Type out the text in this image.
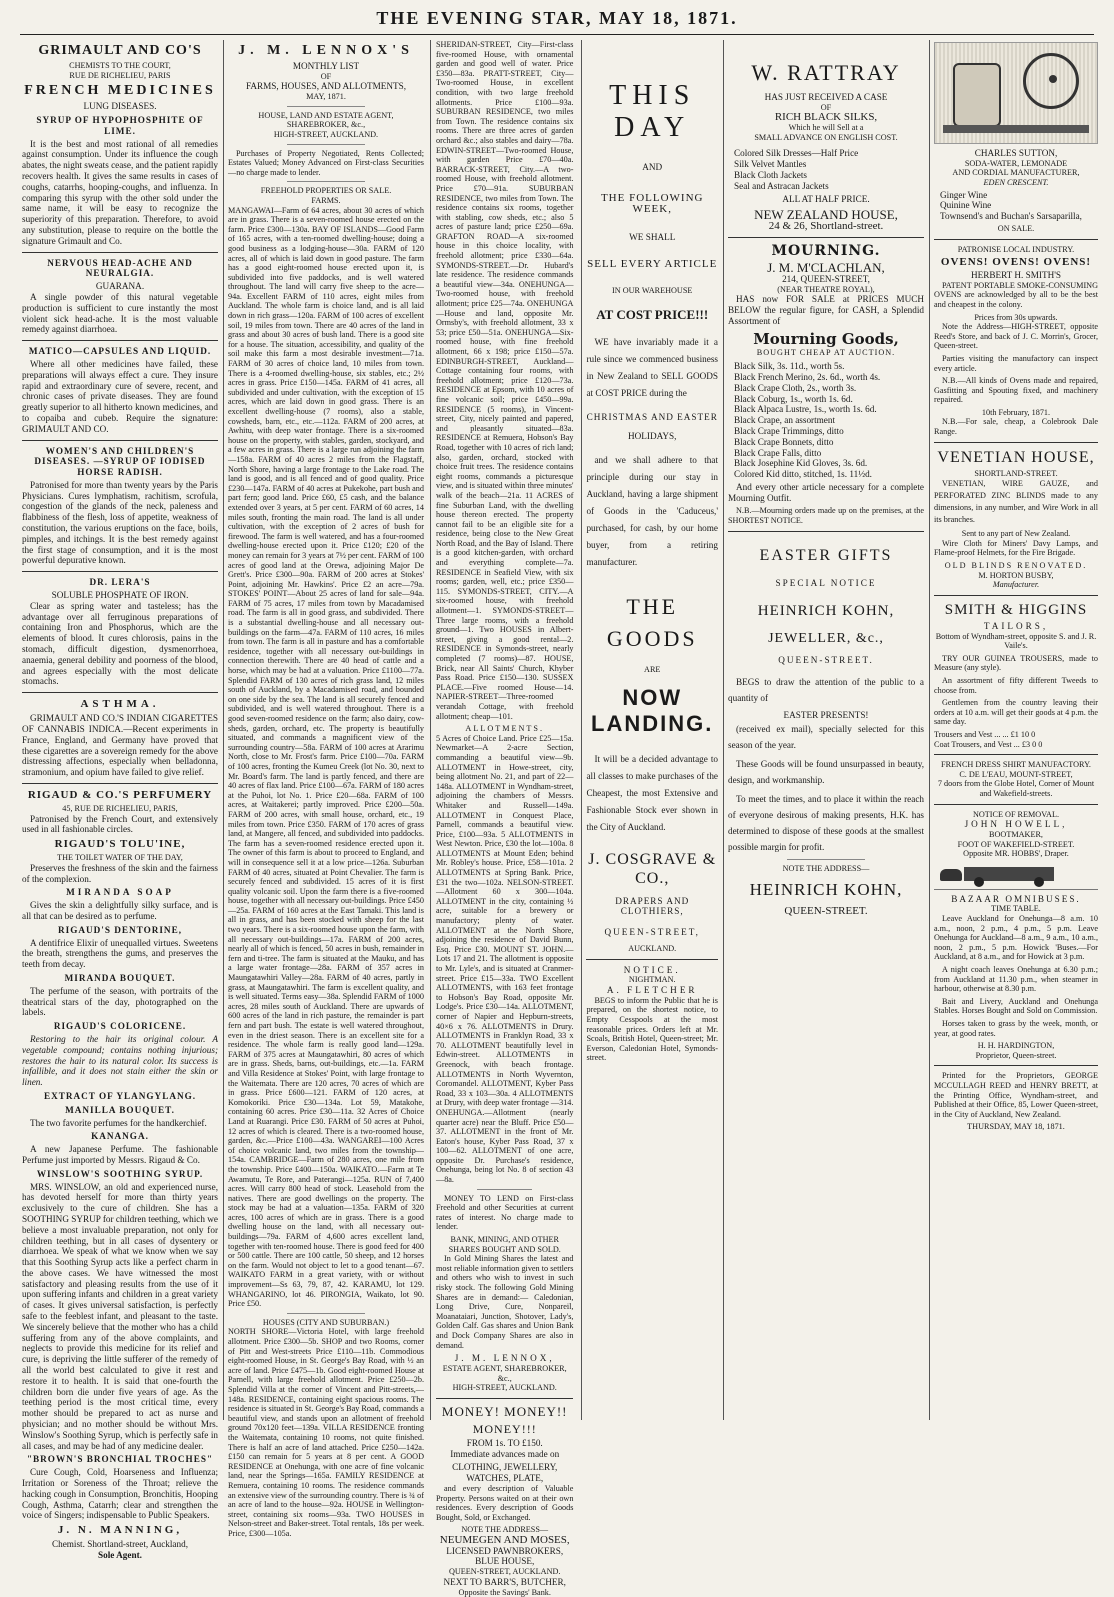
THE EVENING STAR, MAY 18, 1871.
GRIMAULT AND CO'S
CHEMISTS TO THE COURT,
RUE DE RICHELIEU, PARIS
FRENCH MEDICINES
LUNG DISEASES.
SYRUP OF HYPOPHOSPHITE OF LIME.

It is the best and most rational of all remedies against consumption. Under its influence the cough abates, the night sweats cease, and the patient rapidly recovers health. It gives the same results in cases of coughs, catarrhs, hooping-coughs, and influenza. In comparing this syrup with the other sold under the same name, it will be easy to recognize the superiority of this preparation. Therefore, to avoid any substitution, please to require on the bottle the signature Grimault and Co.

NERVOUS HEAD-ACHE AND NEURALGIA.
GUARANA.

A single powder of this natural vegetable production is sufficient to cure instantly the most violent sick head-ache. It is the most valuable remedy against diarrhoea.

MATICO—CAPSULES AND LIQUID.

Where all other medicines have failed, these preparations will always effect a cure. They insure rapid and extraordinary cure of severe, recent, and chronic cases of private diseases. They are found greatly superior to all hitherto known medicines, and to copaiba and cubeb. Require the signature: GRIMAULT AND CO.

WOMEN'S AND CHILDREN'S DISEASES. —SYRUP OF IODISED HORSE RADISH.

Patronised for more than twenty years by the Paris Physicians. Cures lymphatism, rachitism, scrofula, congestion of the glands of the neck, paleness and flabbiness of the flesh, loss of appetite, weakness of constitution, the various eruptions on the face, boils, pimples, and itchings. It is the best remedy against the first stage of consumption, and it is the most powerful depurative known.

DR. LERA'S
SOLUBLE PHOSPHATE OF IRON.

Clear as spring water and tasteless; has the advantage over all ferruginous preparations of containing Iron and Phosphorus, which are the elements of blood. It cures chlorosis, pains in the stomach, difficult digestion, dysmenorrhoea, anaemia, general debility and poorness of the blood, and agrees especially with the most delicate stomachs.

ASTHMA.

GRIMAULT AND CO.'S INDIAN CIGARETTES OF CANNABIS INDICA.—Recent experiments in France, England, and Germany have proved that these cigarettes are a sovereign remedy for the above distressing affections, especially when belladonna, stramonium, and opium have failed to give relief.

RIGAUD & CO.'S PERFUMERY
45, RUE DE RICHELIEU, PARIS,

Patronised by the French Court, and extensively used in all fashionable circles.

RIGAUD'S TOLU'INE,
THE TOILET WATER OF THE DAY,

Preserves the freshness of the skin and the fairness of the complexion.

MIRANDA SOAP

Gives the skin a delightfully silky surface, and is all that can be desired as to perfume.

RIGAUD'S DENTORINE,

A dentifrice Elixir of unequalled virtues. Sweetens the breath, strengthens the gums, and preserves the teeth from decay.

MIRANDA BOUQUET.

The perfume of the season, with portraits of the theatrical stars of the day, photographed on the labels.

RIGAUD'S COLORICENE.

Restoring to the hair its original colour. A vegetable compound; contains nothing injurious; restores the hair to its natural color. Its success is infallible, and it does not stain either the skin or linen.

EXTRACT OF YLANGYLANG.
MANILLA BOUQUET.

The two favorite perfumes for the handkerchief.

KANANGA.

A new Japanese Perfume. The fashionable Perfume just imported by Messrs. Rigaud & Co.

WINSLOW'S SOOTHING SYRUP.

MRS. WINSLOW, an old and experienced nurse, has devoted herself for more than thirty years exclusively to the cure of children. She has a SOOTHING SYRUP for children teething, which we believe a most invaluable preparation, not only for children teething, but in all cases of dysentery or diarrhoea. We speak of what we know when we say that this Soothing Syrup acts like a perfect charm in the above cases. We have witnessed the most satisfactory and pleasing results from the use of it upon suffering infants and children in a great variety of cases. It gives universal satisfaction, is perfectly safe to the feeblest infant, and pleasant to the taste. We sincerely believe that the mother who has a child suffering from any of the above complaints, and neglects to provide this medicine for its relief and cure, is depriving the little sufferer of the remedy of all the world best calculated to give it rest and restore it to health. It is said that one-fourth the children born die under five years of age. As the teething period is the most critical time, every mother should be prepared to act as nurse and physician; and no mother should be without Mrs. Winslow's Soothing Syrup, which is perfectly safe in all cases, and may be had of any medicine dealer.

"BROWN'S BRONCHIAL TROCHES"

Cure Cough, Cold, Hoarseness and Influenza; Irritation or Soreness of the Throat; relieve the hacking cough in Consumption, Bronchitis, Hooping Cough, Asthma, Catarrh; clear and strengthen the voice of Singers; indispensable to Public Speakers.

J. N. MANNING,
Chemist. Shortland-street, Auckland,
Sole Agent.
J. M. LENNOX'S
MONTHLY LIST
OF
FARMS, HOUSES, AND ALLOTMENTS,
MAY, 1871.
HOUSE, LAND AND ESTATE AGENT,
SHAREBROKER, &c.,
HIGH-STREET, AUCKLAND.

Purchases of Property Negotiated, Rents Collected; Estates Valued; Money Advanced on First-class Securities—no charge made to lender.

FREEHOLD PROPERTIES OR SALE.
FARMS.

MANGAWAI—Farm of 64 acres, about 30 acres of which are in grass. There is a seven-roomed house erected on the farm. Price £300—130a. BAY OF ISLANDS—Good Farm of 165 acres, with a ten-roomed dwelling-house; doing a good business as a lodging-house—30a. FARM of 120 acres, all of which is laid down in good pasture. The farm has a good eight-roomed house erected upon it, is subdivided into five paddocks, and is well watered throughout. The land will carry five sheep to the acre—94a. Excellent FARM of 110 acres, eight miles from Auckland. The whole farm is choice land, and is all laid down in rich grass—120a. FARM of 100 acres of excellent soil, 19 miles from town. There are 40 acres of the land in grass and about 30 acres of bush land. There is a good site for a house. The situation, accessibility, and quality of the soil make this farm a most desirable investment—71a. FARM of 30 acres of choice land, 10 miles from town. There is a 4-roomed dwelling-house, six stables, etc.; 2½ acres in grass. Price £150—145a. FARM of 41 acres, all subdivided and under cultivation, with the exception of 15 acres, which are laid down in good grass. There is an excellent dwelling-house (7 rooms), also a stable, cowsheds, barn, etc., etc.—112a. FARM of 200 acres, at Awhitu, with deep water frontage. There is a six-roomed house on the property, with stables, garden, stockyard, and a few acres in grass. There is a large run adjoining the farm—158a. FARM of 40 acres 2 miles from the Flagstaff, North Shore, having a large frontage to the Lake road. The land is good, and is all fenced and of good quality. Price £230—147a. FARM of 40 acres at Pukekohe, part bush and part fern; good land. Price £60, £5 cash, and the balance extended over 3 years, at 5 per cent. FARM of 60 acres, 14 miles south, fronting the main road. The land is all under cultivation, with the exception of 2 acres of bush for firewood. The farm is well watered, and has a four-roomed dwelling-house erected upon it. Price £120; £20 of the money can remain for 3 years at 7½ per cent. FARM of 100 acres of good land at the Orewa, adjoining Major De Grett's. Price £300—90a. FARM of 200 acres at Stokes' Point, adjoining Mr. Hawkins'. Price £2 an acre—79a. STOKES' POINT—About 25 acres of land for sale—94a. FARM of 75 acres, 17 miles from town by Macadamised road. The farm is all in good grass, and subdivided. There is a substantial dwelling-house and all necessary out-buildings on the farm—47a. FARM of 110 acres, 16 miles from town. The farm is all in pasture and has a comfortable residence, together with all necessary out-buildings in connection therewith. There are 40 head of cattle and a horse, which may be had at a valuation. Price £1100—77a. Splendid FARM of 130 acres of rich grass land, 12 miles south of Auckland, by a Macadamised road, and bounded on one side by the sea. The land is all securely fenced and subdivided, and is well watered throughout. There is a good seven-roomed residence on the farm; also dairy, cow-sheds, garden, orchard, etc. The property is beautifully situated, and commands a magnificent view of the surrounding country—58a. FARM of 100 acres at Ararimu North, close to Mr. Frost's farm. Price £100—70a. FARM of 100 acres, fronting the Kumeu Creek (lot No. 30, next to Mr. Board's farm. The land is partly fenced, and there are 40 acres of flax land. Price £100—67a. FARM of 180 acres at the Puhoi, lot No. 1. Price £20—68a. FARM of 100 acres, at Waitakerei; partly improved. Price £200—50a. FARM of 200 acres, with small house, orchard, etc., 19 miles from town. Price £350. FARM of 170 acres of grass land, at Mangere, all fenced, and subdivided into paddocks. The farm has a seven-roomed residence erected upon it. The owner of this farm is about to proceed to England, and will in consequence sell it at a low price—126a. Suburban FARM of 40 acres, situated at Point Chevalier. The farm is securely fenced and subdivided. 15 acres of it is first quality volcanic soil. Upon the farm there is a five-roomed house, together with all necessary out-buildings. Price £450—25a. FARM of 160 acres at the East Tamaki. This land is all in grass, and has been stocked with sheep for the last two years. There is a six-roomed house upon the farm, with all necessary out-buildings—17a. FARM of 200 acres, nearly all of which is fenced, 50 acres in bush, remainder in fern and ti-tree. The farm is situated at the Mauku, and has a large water frontage—28a. FARM of 357 acres in Maungatawhiri Valley—28a. FARM of 40 acres, partly in grass, at Maungatawhiri. The farm is excellent quality, and is well situated. Terms easy—38a. Splendid FARM of 1000 acres, 28 miles south of Auckland. There are upwards of 600 acres of the land in rich pasture, the remainder is part fern and part bush. The estate is well watered throughout, even in the driest season. There is an excellent site for a residence. The whole farm is really good land—129a. FARM of 375 acres at Maungatawhiri, 80 acres of which are in grass. Sheds, barns, out-buildings, etc.—1a. FARM and Villa Residence at Stokes' Point, with large frontage to the Waitemata. There are 120 acres, 70 acres of which are in grass. Price £600—121. FARM of 120 acres, at Komokoriki. Price £30—134a. Lot 59, Matakohe, containing 60 acres. Price £30—11a. 32 Acres of Choice Land at Ruarangi. Price £30. FARM of 50 acres at Puhoi, 12 acres of which is cleared. There is a two-roomed house, garden, &c.—Price £100—43a. WANGAREI—100 Acres of choice volcanic land, two miles from the township—154a. CAMBRIDGE—Farm of 280 acres, one mile from the township. Price £400—150a. WAIKATO.—Farm at Te Awamutu, Te Rore, and Paterangi—125a. RUN of 7,400 acres. Will carry 800 head of stock. Leasehold from the natives. There are good dwellings on the property. The stock may be had at a valuation—135a. FARM of 320 acres, 100 acres of which are in grass. There is a good dwelling house on the land, with all necessary out-buildings—79a. FARM of 4,600 acres excellent land, together with ten-roomed house. There is good feed for 400 or 500 cattle. There are 100 cattle, 50 sheep, and 12 horses on the farm. Would not object to let to a good tenant—67. WAIKATO FARM in a great variety, with or without improvement—Ss 63, 79, 87, 42. KARAMU, lot 129. WHANGARINO, lot 46. PIRONGIA, Waikato, lot 90. Price £50.

HOUSES (CITY AND SUBURBAN.)

NORTH SHORE—Victoria Hotel, with large freehold allotment. Price £300—5b. SHOP and two Rooms, corner of Pitt and West-streets Price £110—11b. Commodious eight-roomed House, in St. George's Bay Road, with ½ an acre of land. Price £475—1b. Good eight-roomed House at Parnell, with large freehold allotment. Price £250—2b. Splendid Villa at the corner of Vincent and Pitt-streets,—148a. RESIDENCE, containing eight spacious rooms. The residence is situated in St. George's Bay Road, commands a beautiful view, and stands upon an allotment of freehold ground 70x120 feet—139a. VILLA RESIDENCE fronting the Waitemata, containing 10 rooms, not quite finished. There is half an acre of land attached. Price £250—142a. £150 can remain for 5 years at 8 per cent. A GOOD RESIDENCE at Onehunga, with one acre of fine volcanic land, near the Springs—165a. FAMILY RESIDENCE at Remuera, containing 10 rooms. The residence commands an extensive view of the surrounding country. There is ¾ of an acre of land to the house—92a. HOUSE in Wellington-street, containing six rooms—93a. TWO HOUSES in Nelson-street and Baker-street. Total rentals, 18s per week. Price, £300—105a.

SHERIDAN-STREET, City—First-class five-roomed House, with ornamental garden and good well of water. Price £350—83a. PRATT-STREET, City—Two-roomed House, in excellent condition, with two large freehold allotments. Price £100—93a. SUBURBAN RESIDENCE, two miles from Town. The residence contains six rooms. There are three acres of garden orchard &c.; also stables and dairy—78a. EDWIN-STREET—Two-roomed House, with garden Price £70—40a. BARRACK-STREET, City.—A two-roomed House, with freehold allotment. Price £70—91a. SUBURBAN RESIDENCE, two miles from Town. The residence contains six rooms, together with stabling, cow sheds, etc.; also 5 acres of pasture land; price £250—69a. GRAFTON ROAD—A six-roomed house in this choice locality, with freehold allotment; price £330—64a. SYMONDS-STREET.—Dr. Hubard's late residence. The residence commands a beautiful view—34a. ONEHUNGA—Two-roomed house, with freehold allotment; price £25—74a. ONEHUNGA—House and land, opposite Mr. Ormsby's, with freehold allotment, 33 x 53; price £50—51a. ONEHUNGA—Six-roomed house, with fine freehold allotment, 66 x 198; price £150—57a. EDINBURGH-STREET, Auckland—Cottage containing four rooms, with freehold allotment; price £120—73a. RESIDENCE at Epsom, with 10 acres of fine volcanic soil; price £450—99a. RESIDENCE (5 rooms), in Vincent-street, City, nicely painted and papered, and pleasantly situated—83a. RESIDENCE at Remuera, Hobson's Bay Road, together with 10 acres of rich land; also, garden, orchard, stocked with choice fruit trees. The residence contains eight rooms, commands a picturesque view, and is situated within three minutes' walk of the beach—21a. 11 ACRES of fine Suburban Land, with the dwelling house thereon erected. The property cannot fail to be an eligible site for a residence, being close to the New Great North Road, and the Bay of Island. There is a good kitchen-garden, with orchard and everything complete—7a. RESIDENCE in Seafield View, with six rooms; garden, well, etc.; price £350—115. SYMONDS-STREET, CITY.—A six-roomed house, with freehold allotment—1. SYMONDS-STREET—Three large rooms, with a freehold ground—1. Two HOUSES in Albert-street, giving a good rental—2. RESIDENCE in Symonds-street, nearly completed (7 rooms)—87. HOUSE, Brick, near All Saints' Church, Khyber Pass Road. Price £150—130. SUSSEX PLACE.—Five roomed House—14. NAPIER-STREET—Three-roomed verandah Cottage, with freehold allotment; cheap—101.

ALLOTMENTS.

5 Acres of Choice Land. Price £25—15a. Newmarket—A 2-acre Section, commanding a beautiful view—9b. ALLOTMENT in Howe-street, city, being allotment No. 21, and part of 22—148a. ALLOTMENT in Wyndham-street, adjoining the chambers of Messrs. Whitaker and Russell—149a. ALLOTMENT in Conquest Place, Parnell, commands a beautiful view. Price, £100—93a. 5 ALLOTMENTS in West Newton. Price, £30 the lot—100a. 8 ALLOTMENTS at Mount Eden; behind Mr. Robley's house. Price, £58—101a. 2 ALLOTMENTS at Spring Bank. Price, £31 the two—102a. NELSON-STREET.—Allotment 60 x 300—104a. ALLOTMENT in the city, containing ½ acre, suitable for a brewery or manufactory; plenty of water. ALLOTMENT at the North Shore, adjoining the residence of David Bunn, Esq. Price £30. MOUNT ST. JOHN.—Lots 17 and 21. The allotment is opposite to Mr. Lyle's, and is situated at Cranmer-street. Price £15—33a. TWO Excellent ALLOTMENTS, with 163 feet frontage to Hobson's Bay Road, opposite Mr. Lodge's. Price £30—14a. ALLOTMENT, corner of Napier and Hepburn-streets, 40×6 x 76. ALLOTMENTS in Drury. ALLOTMENTS in Franklyn Road, 33 x 70. ALLOTMENT beautifully level in Edwin-street. ALLOTMENTS in Greenock, with beach frontage. ALLOTMENTS in North Wyvernton, Coromandel. ALLOTMENT, Kyber Pass Road, 33 x 103—30a. 4 ALLOTMENTS at Drury, with deep water frontage —314. ONEHUNGA.—Allotment (nearly quarter acre) near the Bluff. Price £50—37. ALLOTMENT in the front of Mr. Eaton's house, Kyber Pass Road, 37 x 100—62. ALLOTMENT of one acre, opposite Dr. Purchase's residence, Onehunga, being lot No. 8 of section 43—8a.

MONEY TO LEND on First-class Freehold and other Securities at current rates of interest. No charge made to lender.

BANK, MINING, AND OTHER SHARES BOUGHT AND SOLD.

In Gold Mining Shares the latest and most reliable information given to settlers and others who wish to invest in such risky stock. The following Gold Mining Shares are in demand:— Caledonian, Long Drive, Cure, Nonpareil, Moanataiari, Junction, Shotover, Lady's, Golden Calf. Gas shares and Union Bank and Dock Company Shares are also in demand.

J. M. LENNOX,
ESTATE AGENT, SHAREBROKER, &c.,
HIGH-STREET, AUCKLAND.
MONEY! MONEY!!
MONEY!!!
FROM 1s. TO £150.

Immediate advances made on

CLOTHING, JEWELLERY, WATCHES, PLATE,

and every description of Valuable Property. Persons waited on at their own residences. Every description of Goods Bought, Sold, or Exchanged.

NOTE THE ADDRESS—
NEUMEGEN AND MOSES,
LICENSED PAWNBROKERS,
BLUE HOUSE,
QUEEN-STREET, AUCKLAND.
NEXT TO BARR'S, BUTCHER,
Opposite the Savings' Bank.
THIS DAY
AND
THE FOLLOWING WEEK,
WE SHALL
SELL EVERY ARTICLE
IN OUR WAREHOUSE
AT COST PRICE!!!

WE have invariably made it a rule since we commenced business in New Zealand to SELL GOODS at COST PRICE during the

CHRISTMAS AND EASTER
HOLIDAYS,

and we shall adhere to that principle during our stay in Auckland, having a large shipment of Goods in the 'Caduceus,' purchased, for cash, by our home buyer, from a retiring manufacturer.

THE GOODS
ARE
NOW LANDING.

It will be a decided advantage to all classes to make purchases of the Cheapest, the most Extensive and Fashionable Stock ever shown in the City of Auckland.

J. COSGRAVE & CO.,
DRAPERS AND CLOTHIERS,
QUEEN-STREET,
AUCKLAND.
NOTICE.
NIGHTMAN.
A. FLETCHER

BEGS to inform the Public that he is prepared, on the shortest notice, to Empty Cesspools at the most reasonable prices. Orders left at Mr. Scoals, British Hotel, Queen-street; Mr. Everson, Caledonian Hotel, Symonds-street.

W. RATTRAY
HAS JUST RECEIVED A CASE
OF
RICH BLACK SILKS,
Which he will Sell at a
SMALL ADVANCE ON ENGLISH COST.
Colored Silk Dresses—Half Price
Silk Velvet Mantles
Black Cloth Jackets
Seal and Astracan Jackets
ALL AT HALF PRICE.
NEW ZEALAND HOUSE,
24 & 26, Shortland-street.
MOURNING.
J. M. M'CLACHLAN,
214, QUEEN-STREET,
(NEAR THEATRE ROYAL),

HAS now FOR SALE at PRICES MUCH BELOW the regular figure, for CASH, a Splendid Assortment of

Mourning Goods,
BOUGHT CHEAP AT AUCTION.
Black Silk, 3s. 11d., worth 5s.
Black French Merino, 2s. 6d., worth 4s.
Black Crape Cloth, 2s., worth 3s.
Black Coburg, 1s., worth 1s. 6d.
Black Alpaca Lustre, 1s., worth 1s. 6d.
Black Crape, an assortment
Black Crape Trimmings, ditto
Black Crape Bonnets, ditto
Black Crape Falls, ditto
Black Josephine Kid Gloves, 3s. 6d.
Colored Kid ditto, stitched, 1s. 11½d.

And every other article necessary for a complete Mourning Outfit.

N.B.—Mourning orders made up on the premises, at the SHORTEST NOTICE.

EASTER GIFTS
SPECIAL NOTICE
HEINRICH KOHN,
JEWELLER, &c.,
QUEEN-STREET.

BEGS to draw the attention of the public to a quantity of

EASTER PRESENTS!

(received ex mail), specially selected for this season of the year.

These Goods will be found unsurpassed in beauty, design, and workmanship.

To meet the times, and to place it within the reach of everyone desirous of making presents, H.K. has determined to dispose of these goods at the smallest possible margin for profit.

NOTE THE ADDRESS—
HEINRICH KOHN,
QUEEN-STREET.
CHARLES SUTTON,
SODA-WATER, LEMONADE
AND CORDIAL MANUFACTURER,
EDEN CRESCENT.
Ginger Wine
Quinine Wine
Townsend's and Buchan's Sarsaparilla,
ON SALE.
PATRONISE LOCAL INDUSTRY.
OVENS! OVENS! OVENS!
HERBERT H. SMITH'S

PATENT PORTABLE SMOKE-CONSUMING OVENS are acknowledged by all to be the best and cheapest in the colony.

Prices from 30s upwards.

Note the Address—HIGH-STREET, opposite Reed's Store, and back of J. C. Morrin's, Grocer, Queen-street.

Parties visiting the manufactory can inspect every article.

N.B.—All kinds of Ovens made and repaired, Gasfitting and Spouting fixed, and machinery repaired.

10th February, 1871.

N.B.—For sale, cheap, a Colebrook Dale Range.

VENETIAN HOUSE,
SHORTLAND-STREET.

VENETIAN, WIRE GAUZE, and PERFORATED ZINC BLINDS made to any dimensions, in any number, and Wire Work in all its branches.

Sent to any part of New Zealand.

Wire Cloth for Miners' Davy Lamps, and Flame-proof Helmets, for the Fire Brigade.

OLD BLINDS RENOVATED.
M. HORTON BUSBY,
Manufacturer.
SMITH & HIGGINS
TAILORS,

Bottom of Wyndham-street, opposite S. and J. R. Vaile's.

TRY OUR GUINEA TROUSERS, made to Measure (any style).

An assortment of fifty different Tweeds to choose from.

Gentlemen from the country leaving their orders at 10 a.m. will get their goods at 4 p.m. the same day.

Trousers and Vest ... ... £1 10 0
Coat Trousers, and Vest ... £3 0 0
FRENCH DRESS SHIRT MANUFACTORY.
C. DE L'EAU, MOUNT-STREET,

7 doors from the Globe Hotel, Corner of Mount and Wakefield-streets.

NOTICE OF REMOVAL.
JOHN HOWELL,
BOOTMAKER,
FOOT OF WAKEFIELD-STREET.
Opposite MR. HOBBS', Draper.
BAZAAR OMNIBUSES.
TIME TABLE.

Leave Auckland for Onehunga—8 a.m. 10 a.m., noon, 2 p.m., 4 p.m., 5 p.m. Leave Onehunga for Auckland—8 a.m., 9 a.m., 10 a.m., noon, 2 p.m., 5 p.m. Howick 'Buses.—For Auckland, at 8 a.m., and for Howick at 3 p.m.

A night coach leaves Onehunga at 6.30 p.m.; from Auckland at 11.30 p.m., when steamer in harbour, otherwise at 8.30 p.m.

Bait and Livery, Auckland and Onehunga Stables. Horses Bought and Sold on Commission.

Horses taken to grass by the week, month, or year, at good rates.

H. H. HARDINGTON,
Proprietor, Queen-street.

Printed for the Proprietors, GEORGE MCCULLAGH REED and HENRY BRETT, at the Printing Office, Wyndham-street, and Published at their Office, 85, Lower Queen-street, in the City of Auckland, New Zealand.

THURSDAY, MAY 18, 1871.
